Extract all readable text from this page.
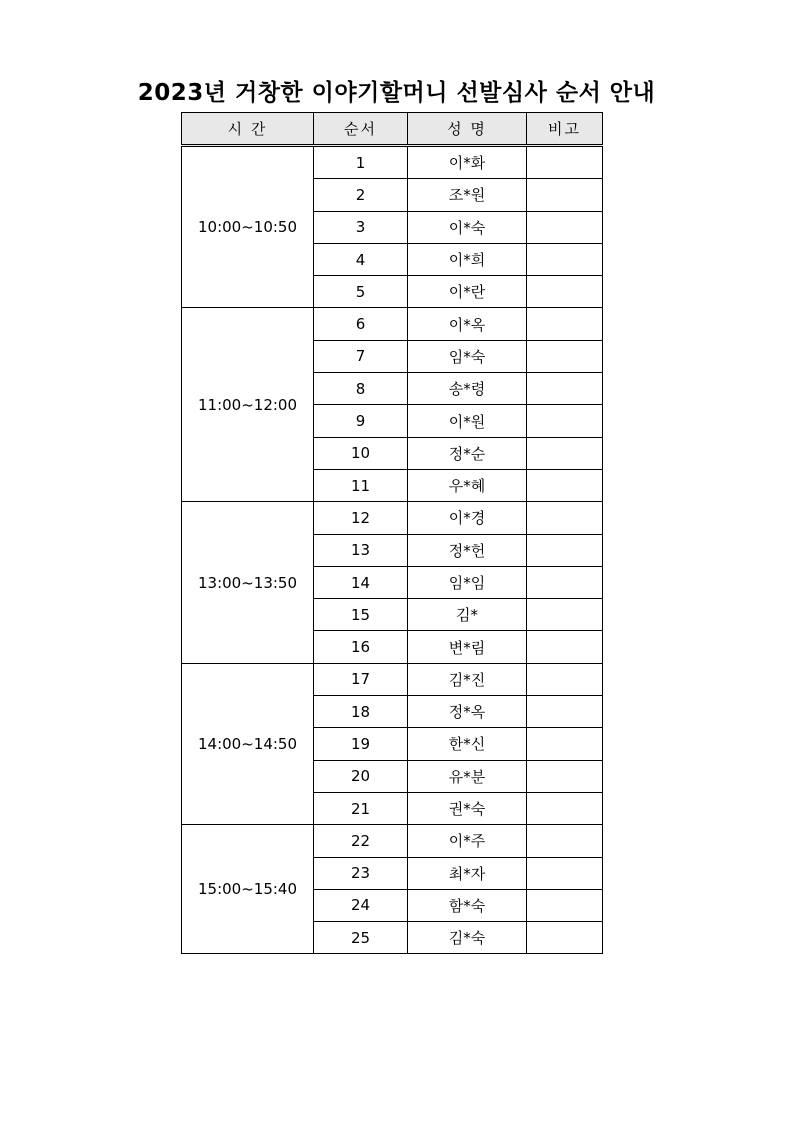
2023년 거창한 이야기할머니 선발심사 순서 안내
시 간	순서	성 명	비고
10:00~10:50	1	이*화	
	2	조*원	
	3	이*숙	
	4	이*희	
	5	이*란	
11:00~12:00	6	이*옥	
	7	임*숙	
	8	송*령	
	9	이*원	
	10	정*순	
	11	우*혜	
13:00~13:50	12	이*경	
	13	정*헌	
	14	임*임	
	15	김*	
	16	변*림	
14:00~14:50	17	김*진	
	18	정*옥	
	19	한*신	
	20	유*분	
	21	권*숙	
15:00~15:40	22	이*주	
	23	최*자	
	24	함*숙	
	25	김*숙	
